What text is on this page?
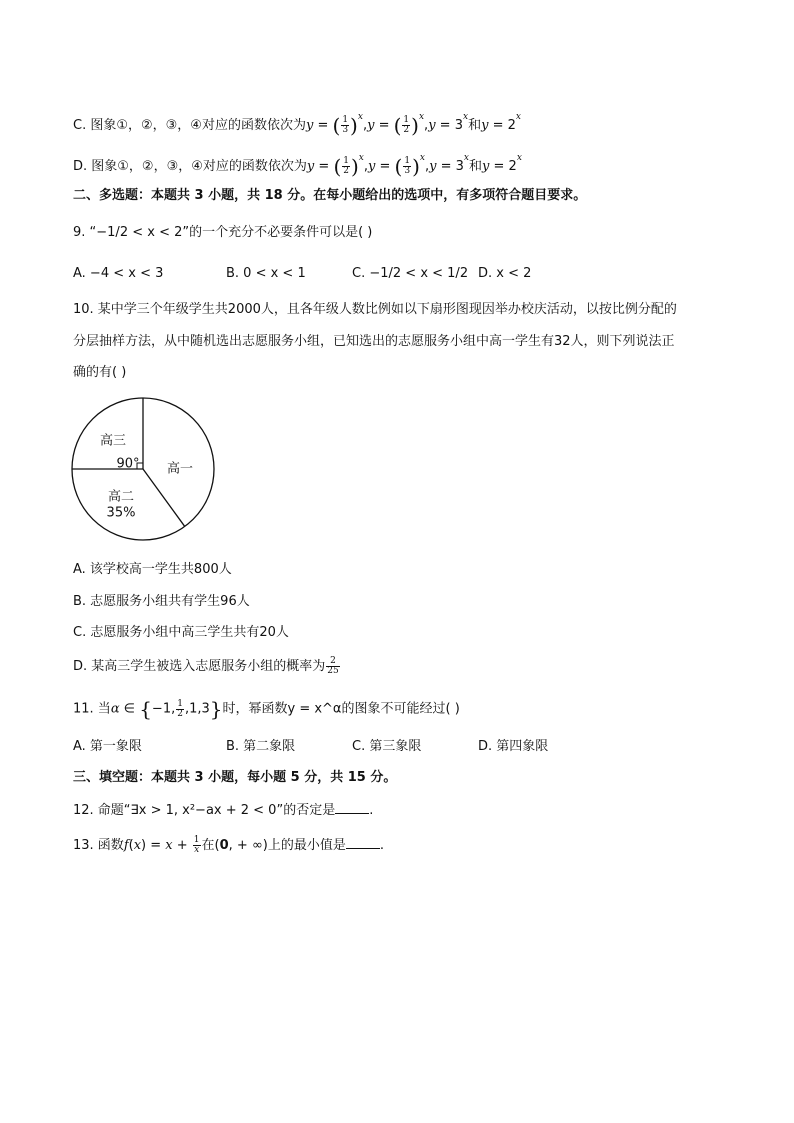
C. 图象①，②，③，④对应的函数依次为y = ( $\frac{1}{3} )^x,y$ = ( $\frac{1}{2} )^x,y = 3^x$和$y = 2^x$
D. 图象①，②，③，④对应的函数依次为y = ( $\frac{1}{2} )^x,y$ = ( $\frac{1}{3} )^x,y = 3^x$和$y = 2^x$
二、多选题：本题共 3 小题，共 18 分。在每小题给出的选项中，有多项符合题目要求。
9. “−1/2 < x < 2”的一个充分不必要条件可以是( )
A. −4 < x < 3	B. 0 < x < 1	C. −1/2 < x < 1/2 D. x < 2
10. 某中学三个年级学生共2000人，且各年级人数比例如以下扇形图现因举办校庆活动，以按比例分配的
分层抽样方法，从中随机选出志愿服务小组，已知选出的志愿服务小组中高一学生有32人，则下列说法正
确的有( )
高三
90° 高一
高二
35%
A. 该学校高一学生共800人
B. 志愿服务小组共有学生96人
C. 志愿服务小组中高三学生共有20人
D. 某高三学生被选入志愿服务小组的概率为 $\frac{2}{25}$
11. 当α ∈ {−1, $\frac{1}{2} ,1,3$}时，幂函数y = x^α的图象不可能经过( )
A. 第一象限	B. 第二象限	C. 第三象限	D. 第四象限
三、填空题：本题共 3 小题，每小题 5 分，共 15 分。
12. 命题“∃x > 1, x²−ax + 2 < 0”的否定是	.
13. 函数$f(x) = x + \frac{1}{x}$ 在(0, + ∞)上的最小值是	.
